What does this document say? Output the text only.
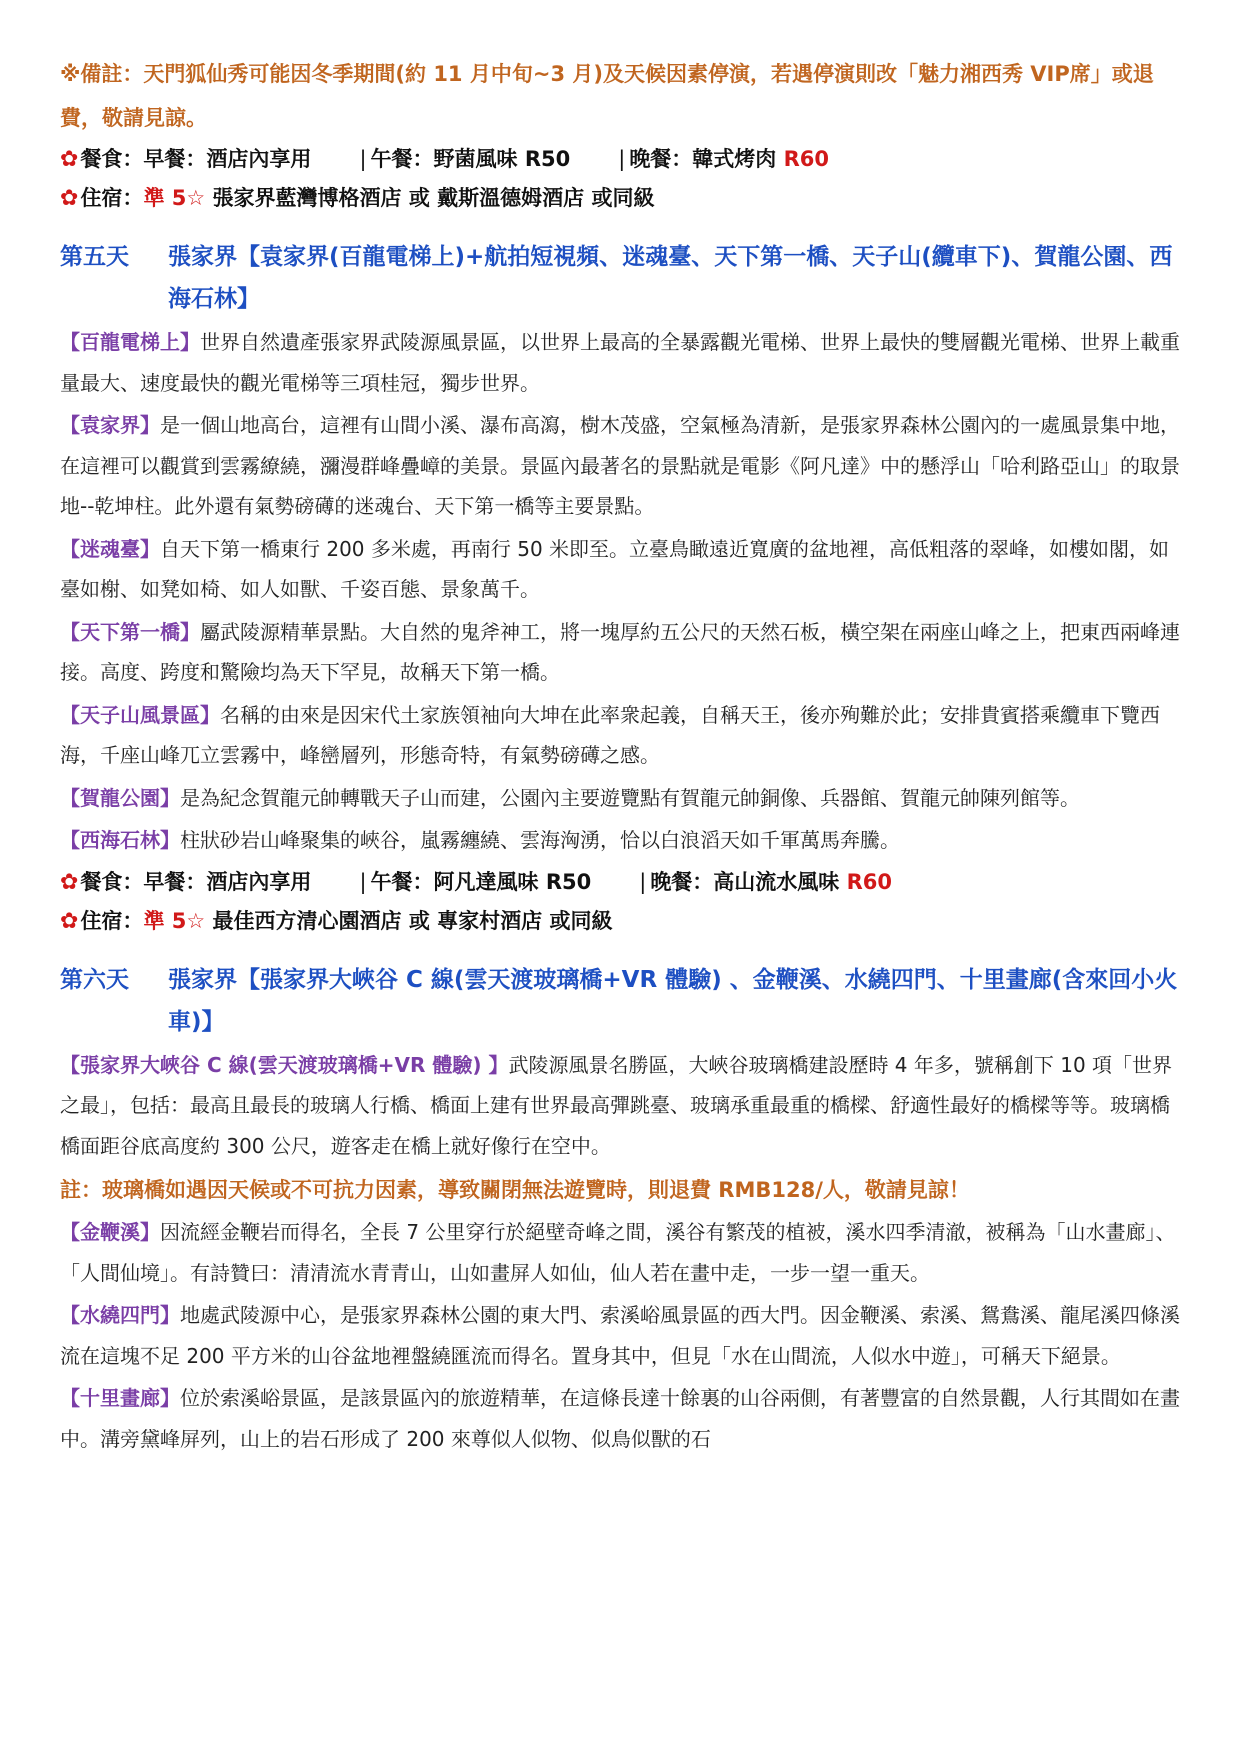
※備註：天門狐仙秀可能因冬季期間(約 11 月中旬~3 月)及天候因素停演，若遇停演則改「魅力湘西秀 VIP席」或退費，敬請見諒。
✿餐食：早餐：酒店內享用 | 午餐：野菌風味 R50 | 晚餐：韓式烤肉 R60
✿住宿：準 5☆ 張家界藍灣博格酒店 或 戴斯溫德姆酒店 或同級
第五天	張家界【袁家界(百龍電梯上)+航拍短視頻、迷魂臺、天下第一橋、天子山(纜車下)、賀龍公園、西海石林】
【百龍電梯上】世界自然遺產張家界武陵源風景區，以世界上最高的全暴露觀光電梯、世界上最快的雙層觀光電梯、世界上載重量最大、速度最快的觀光電梯等三項桂冠，獨步世界。
【袁家界】是一個山地高台，這裡有山間小溪、瀑布高瀉，樹木茂盛，空氣極為清新，是張家界森林公園內的一處風景集中地，在這裡可以觀賞到雲霧繚繞，瀰漫群峰疊嶂的美景。景區內最著名的景點就是電影《阿凡達》中的懸浮山「哈利路亞山」的取景地--乾坤柱。此外還有氣勢磅礡的迷魂台、天下第一橋等主要景點。
【迷魂臺】自天下第一橋東行 200 多米處，再南行 50 米即至。立臺鳥瞰遠近寬廣的盆地裡，高低粗落的翠峰，如樓如閣，如臺如榭、如凳如椅、如人如獸、千姿百態、景象萬千。
【天下第一橋】屬武陵源精華景點。大自然的鬼斧神工，將一塊厚約五公尺的天然石板，橫空架在兩座山峰之上，把東西兩峰連接。高度、跨度和驚險均為天下罕見，故稱天下第一橋。
【天子山風景區】名稱的由來是因宋代土家族領袖向大坤在此率衆起義，自稱天王，後亦殉難於此；安排貴賓搭乘纜車下覽西海，千座山峰兀立雲霧中，峰巒層列，形態奇特，有氣勢磅礡之感。
【賀龍公園】是為紀念賀龍元帥轉戰天子山而建，公園內主要遊覽點有賀龍元帥銅像、兵器館、賀龍元帥陳列館等。
【西海石林】柱狀砂岩山峰聚集的峽谷，嵐霧纏繞、雲海洶湧，恰以白浪滔天如千軍萬馬奔騰。
✿餐食：早餐：酒店內享用 | 午餐：阿凡達風味 R50 | 晚餐：高山流水風味 R60
✿住宿：準 5☆ 最佳西方清心園酒店 或 專家村酒店 或同級
第六天	張家界【張家界大峽谷 C 線(雲天渡玻璃橋+VR 體驗) 、金鞭溪、水繞四門、十里畫廊(含來回小火車)】
【張家界大峽谷 C 線(雲天渡玻璃橋+VR 體驗) 】武陵源風景名勝區，大峽谷玻璃橋建設歷時 4 年多，號稱創下 10 項「世界之最」，包括：最高且最長的玻璃人行橋、橋面上建有世界最高彈跳臺、玻璃承重最重的橋樑、舒適性最好的橋樑等等。玻璃橋橋面距谷底高度約 300 公尺，遊客走在橋上就好像行在空中。
註：玻璃橋如遇因天候或不可抗力因素，導致關閉無法遊覽時，則退費 RMB128/人，敬請見諒！
【金鞭溪】因流經金鞭岩而得名，全長 7 公里穿行於絕壁奇峰之間，溪谷有繁茂的植被，溪水四季清澈，被稱為「山水畫廊」、「人間仙境」。有詩贊曰：清清流水青青山，山如畫屏人如仙，仙人若在畫中走，一步一望一重天。
【水繞四門】地處武陵源中心，是張家界森林公園的東大門、索溪峪風景區的西大門。因金鞭溪、索溪、鴛鴦溪、龍尾溪四條溪流在這塊不足 200 平方米的山谷盆地裡盤繞匯流而得名。置身其中，但見「水在山間流，人似水中遊」，可稱天下絕景。
【十里畫廊】位於索溪峪景區，是該景區內的旅遊精華，在這條長達十餘裏的山谷兩側，有著豐富的自然景觀，人行其間如在畫中。溝旁黛峰屏列，山上的岩石形成了 200 來尊似人似物、似鳥似獸的石
